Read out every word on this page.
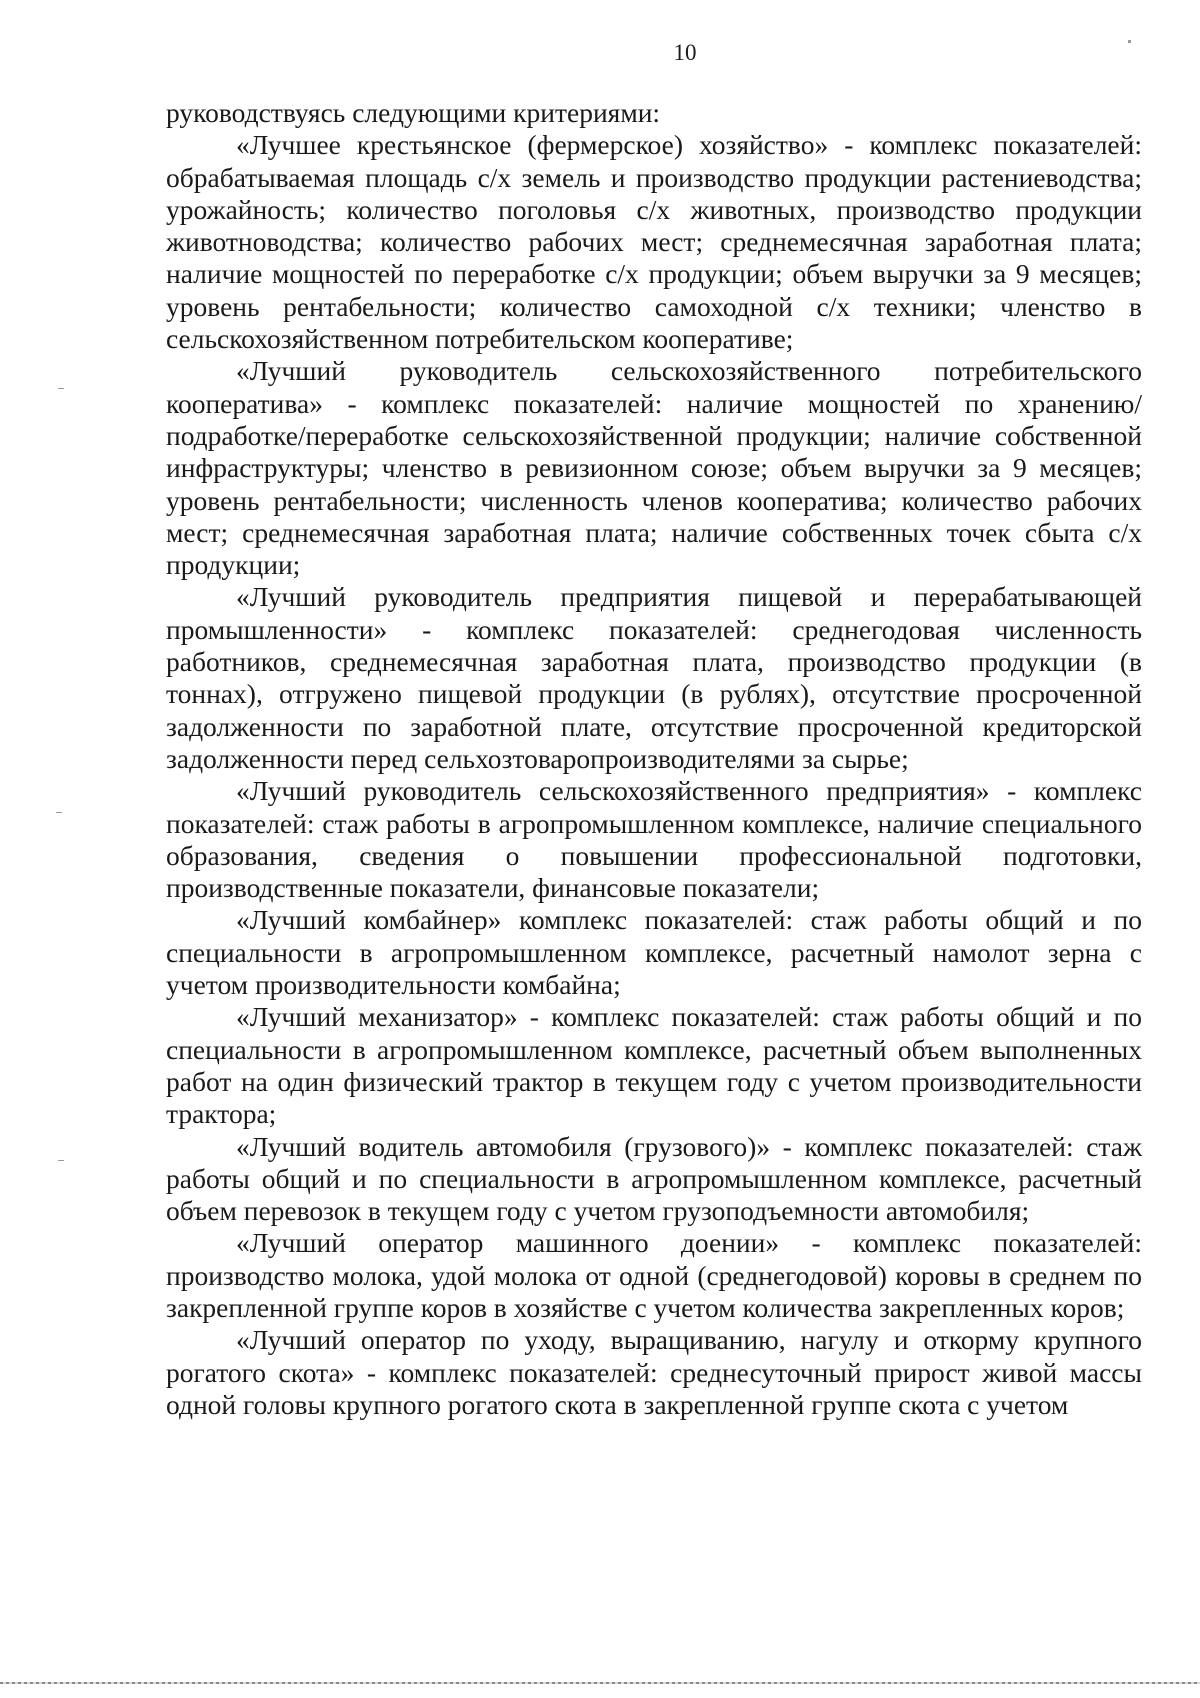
10

руководствуясь следующими критериями:

«Лучшее крестьянское (фермерское) хозяйство» - комплекс показателей: обрабатываемая площадь с/х земель и производство продукции растениеводства; урожайность; количество поголовья с/х животных, производство продукции животноводства; количество рабочих мест; среднемесячная заработная плата; наличие мощностей по переработке с/х продукции; объем выручки за 9 месяцев; уровень рентабельности; количество самоходной с/х техники; членство в сельскохозяйственном потребительском кооперативе;

«Лучший руководитель сельскохозяйственного потребительского кооператива» - комплекс показателей: наличие мощностей по хранению/подработке/переработке сельскохозяйственной продукции; наличие собственной инфраструктуры; членство в ревизионном союзе; объем выручки за 9 месяцев; уровень рентабельности; численность членов кооператива; количество рабочих мест; среднемесячная заработная плата; наличие собственных точек сбыта с/х продукции;

«Лучший руководитель предприятия пищевой и перерабатывающей промышленности» - комплекс показателей: среднегодовая численность работников, среднемесячная заработная плата, производство продукции (в тоннах), отгружено пищевой продукции (в рублях), отсутствие просроченной задолженности по заработной плате, отсутствие просроченной кредиторской задолженности перед сельхозтоваропроизводителями за сырье;

«Лучший руководитель сельскохозяйственного предприятия» - комплекс показателей: стаж работы в агропромышленном комплексе, наличие специального образования, сведения о повышении профессиональной подготовки, производственные показатели, финансовые показатели;

«Лучший комбайнер» комплекс показателей: стаж работы общий и по специальности в агропромышленном комплексе, расчетный намолот зерна с учетом производительности комбайна;

«Лучший механизатор» - комплекс показателей: стаж работы общий и по специальности в агропромышленном комплексе, расчетный объем выполненных работ на один физический трактор в текущем году с учетом производительности трактора;

«Лучший водитель автомобиля (грузового)» - комплекс показателей: стаж работы общий и по специальности в агропромышленном комплексе, расчетный объем перевозок в текущем году с учетом грузоподъемности автомобиля;

«Лучший оператор машинного доении» - комплекс показателей: производство молока, удой молока от одной (среднегодовой) коровы в среднем по закрепленной группе коров в хозяйстве с учетом количества закрепленных коров;

«Лучший оператор по уходу, выращиванию, нагулу и откорму крупного рогатого скота» - комплекс показателей: среднесуточный прирост живой массы одной головы крупного рогатого скота в закрепленной группе скота с учетом
